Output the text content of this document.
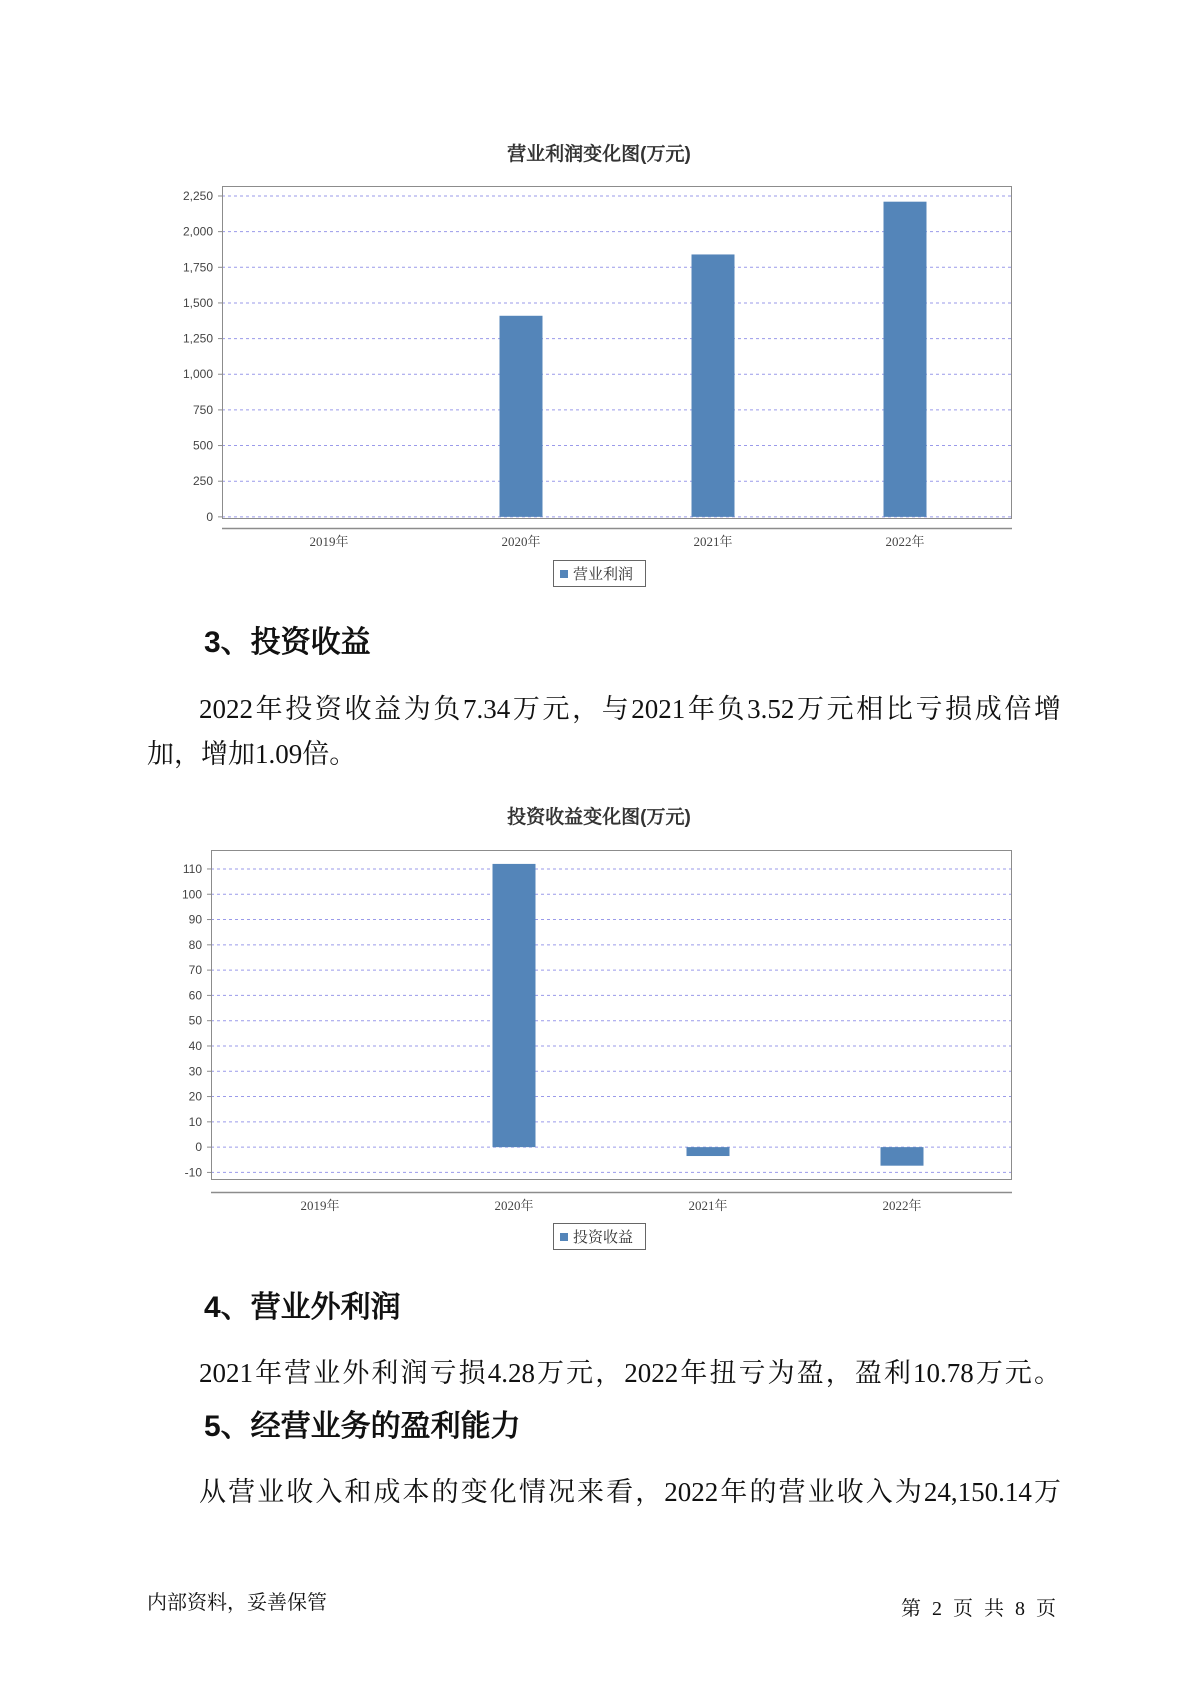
0
250
500
750
1,000
1,250
1,500
1,750
2,000
2,250
2019年	2020年	2021年	2022年
-10
0
10
20
30
40
50
60
70
80
90
100
110
2019年	2020年	2021年	2022年
营业利润变化图(万元)
营业利润
3、投资收益
2022年投资收益为负7.34万元，与2021年负3.52万元相比亏损成倍增
加，增加1.09倍。
投资收益变化图(万元)
投资收益
4、营业外利润
2021年营业外利润亏损4.28万元，2022年扭亏为盈，盈利10.78万元。
5、经营业务的盈利能力
从营业收入和成本的变化情况来看，2022年的营业收入为24,150.14万
内部资料，妥善保管	第 2 页 共 8 页
